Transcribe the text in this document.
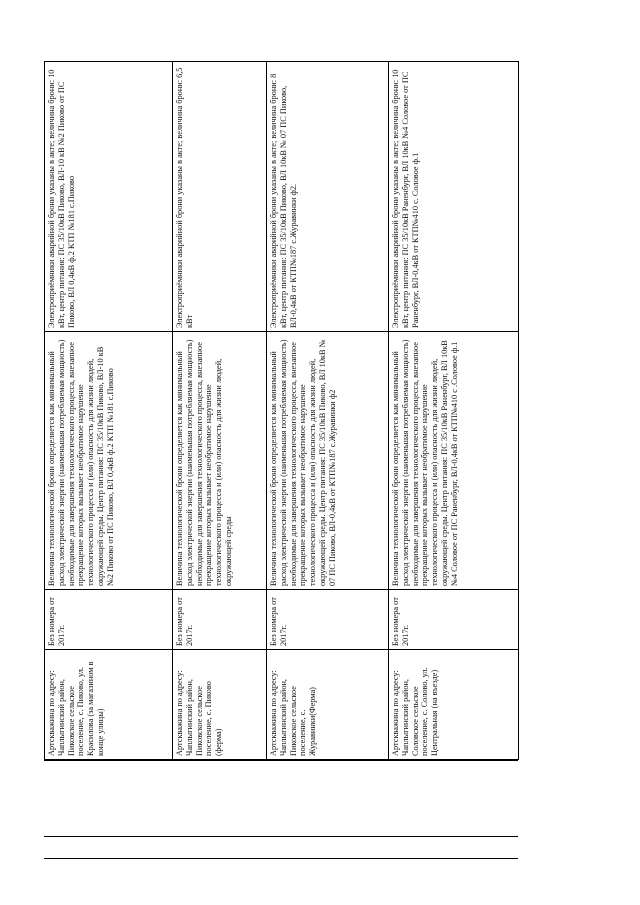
Артскважина по адресу: Чаплыгинский район, Пиковское сельское поселение, с. Пиково, ул. Красилова (за магазином в конце улицы)	Без номера от 2017г.	Величина технологической брони определяется как минимальный расход электрической энергии (наименьшая потребляемая мощность) необходимые для завершения технологического процесса, внезапное прекращение которых вызывает необратимое нарушение технологического процесса и (или) опасность для жизни людей, окружающей среды. Центр питания: ПС 35/10кВ Пиково, ВЛ-10 кВ №2 Пиково от ПС Пиково, ВЛ 0,4кВ ф.2 КТП №181 с.Пиково	Электроприёмники аварийной брони указаны в акте; величина брони: 10 кВт, центр питания: ПС 35/10кВ Пиково, ВЛ-10 кВ №2 Пиково от ПС Пиково, ВЛ 0,4кВ ф.2 КТП №181 с.Пиково
Артскважина по адресу: Чаплыгинский район, Пиковское сельское поселение, с. Пиково (ферма)	Без номера от 2017г.	Величина технологической брони определяется как минимальный расход электрической энергии (наименьшая потребляемая мощность) необходимые для завершения технологического процесса, внезапное прекращение которых вызывает необратимое нарушение технологического процесса и (или) опасность для жизни людей, окружающей среды	Электроприёмники аварийной брони указаны в акте; величина брони: 6,5 кВт
Артскважина по адресу: Чаплыгинский район, Пиковское сельское поселение, с. Журавинки(Ферма)	Без номера от 2017г.	Величина технологической брони определяется как минимальный расход электрической энергии (наименьшая потребляемая мощность) необходимые для завершения технологического процесса, внезапное прекращение которых вызывает необратимое нарушение технологического процесса и (или) опасность для жизни людей, окружающей среды. Центр питания: ПС 35/10кВ Пиково, ВЛ 10кВ № 07 ПС Пиково, ВЛ-0,4кВ от КТП№187 с.Журавинки ф2	Электроприёмники аварийной брони указаны в акте; величина брони: 8 кВт, центр питания: ПС 35/10кВ Пиково, ВЛ 10кВ № 07 ПС Пиково, ВЛ-0,4кВ от КТП№187 с.Журавинки ф2.
Артскважина по адресу: Чаплыгинский район, Соловское сельское поселение, с. Солово, ул. Центральная (на въезде)	Без номера от 2017г.	Величина технологической брони определяется как минимальный расход электрической энергии (наименьшая потребляемая мощность) необходимые для завершения технологического процесса, внезапное прекращение которых вызывает необратимое нарушение технологического процесса и (или) опасность для жизни людей, окружающей среды. Центр питания: ПС 35/10кВ Раненбург, ВЛ 10кВ №4 Соловое от ПС Раненбург, ВЛ-0,4кВ от КТП№410 с .Соловое ф.1	Электроприёмники аварийной брони указаны в акте; величина брони: 10 кВт, центр питания: ПС 35/10кВ Раненбург, ВЛ 10кВ №4 Соловое от ПС Раненбург, ВЛ-0,4кВ от КТП№410 с. Соловое ф.1
